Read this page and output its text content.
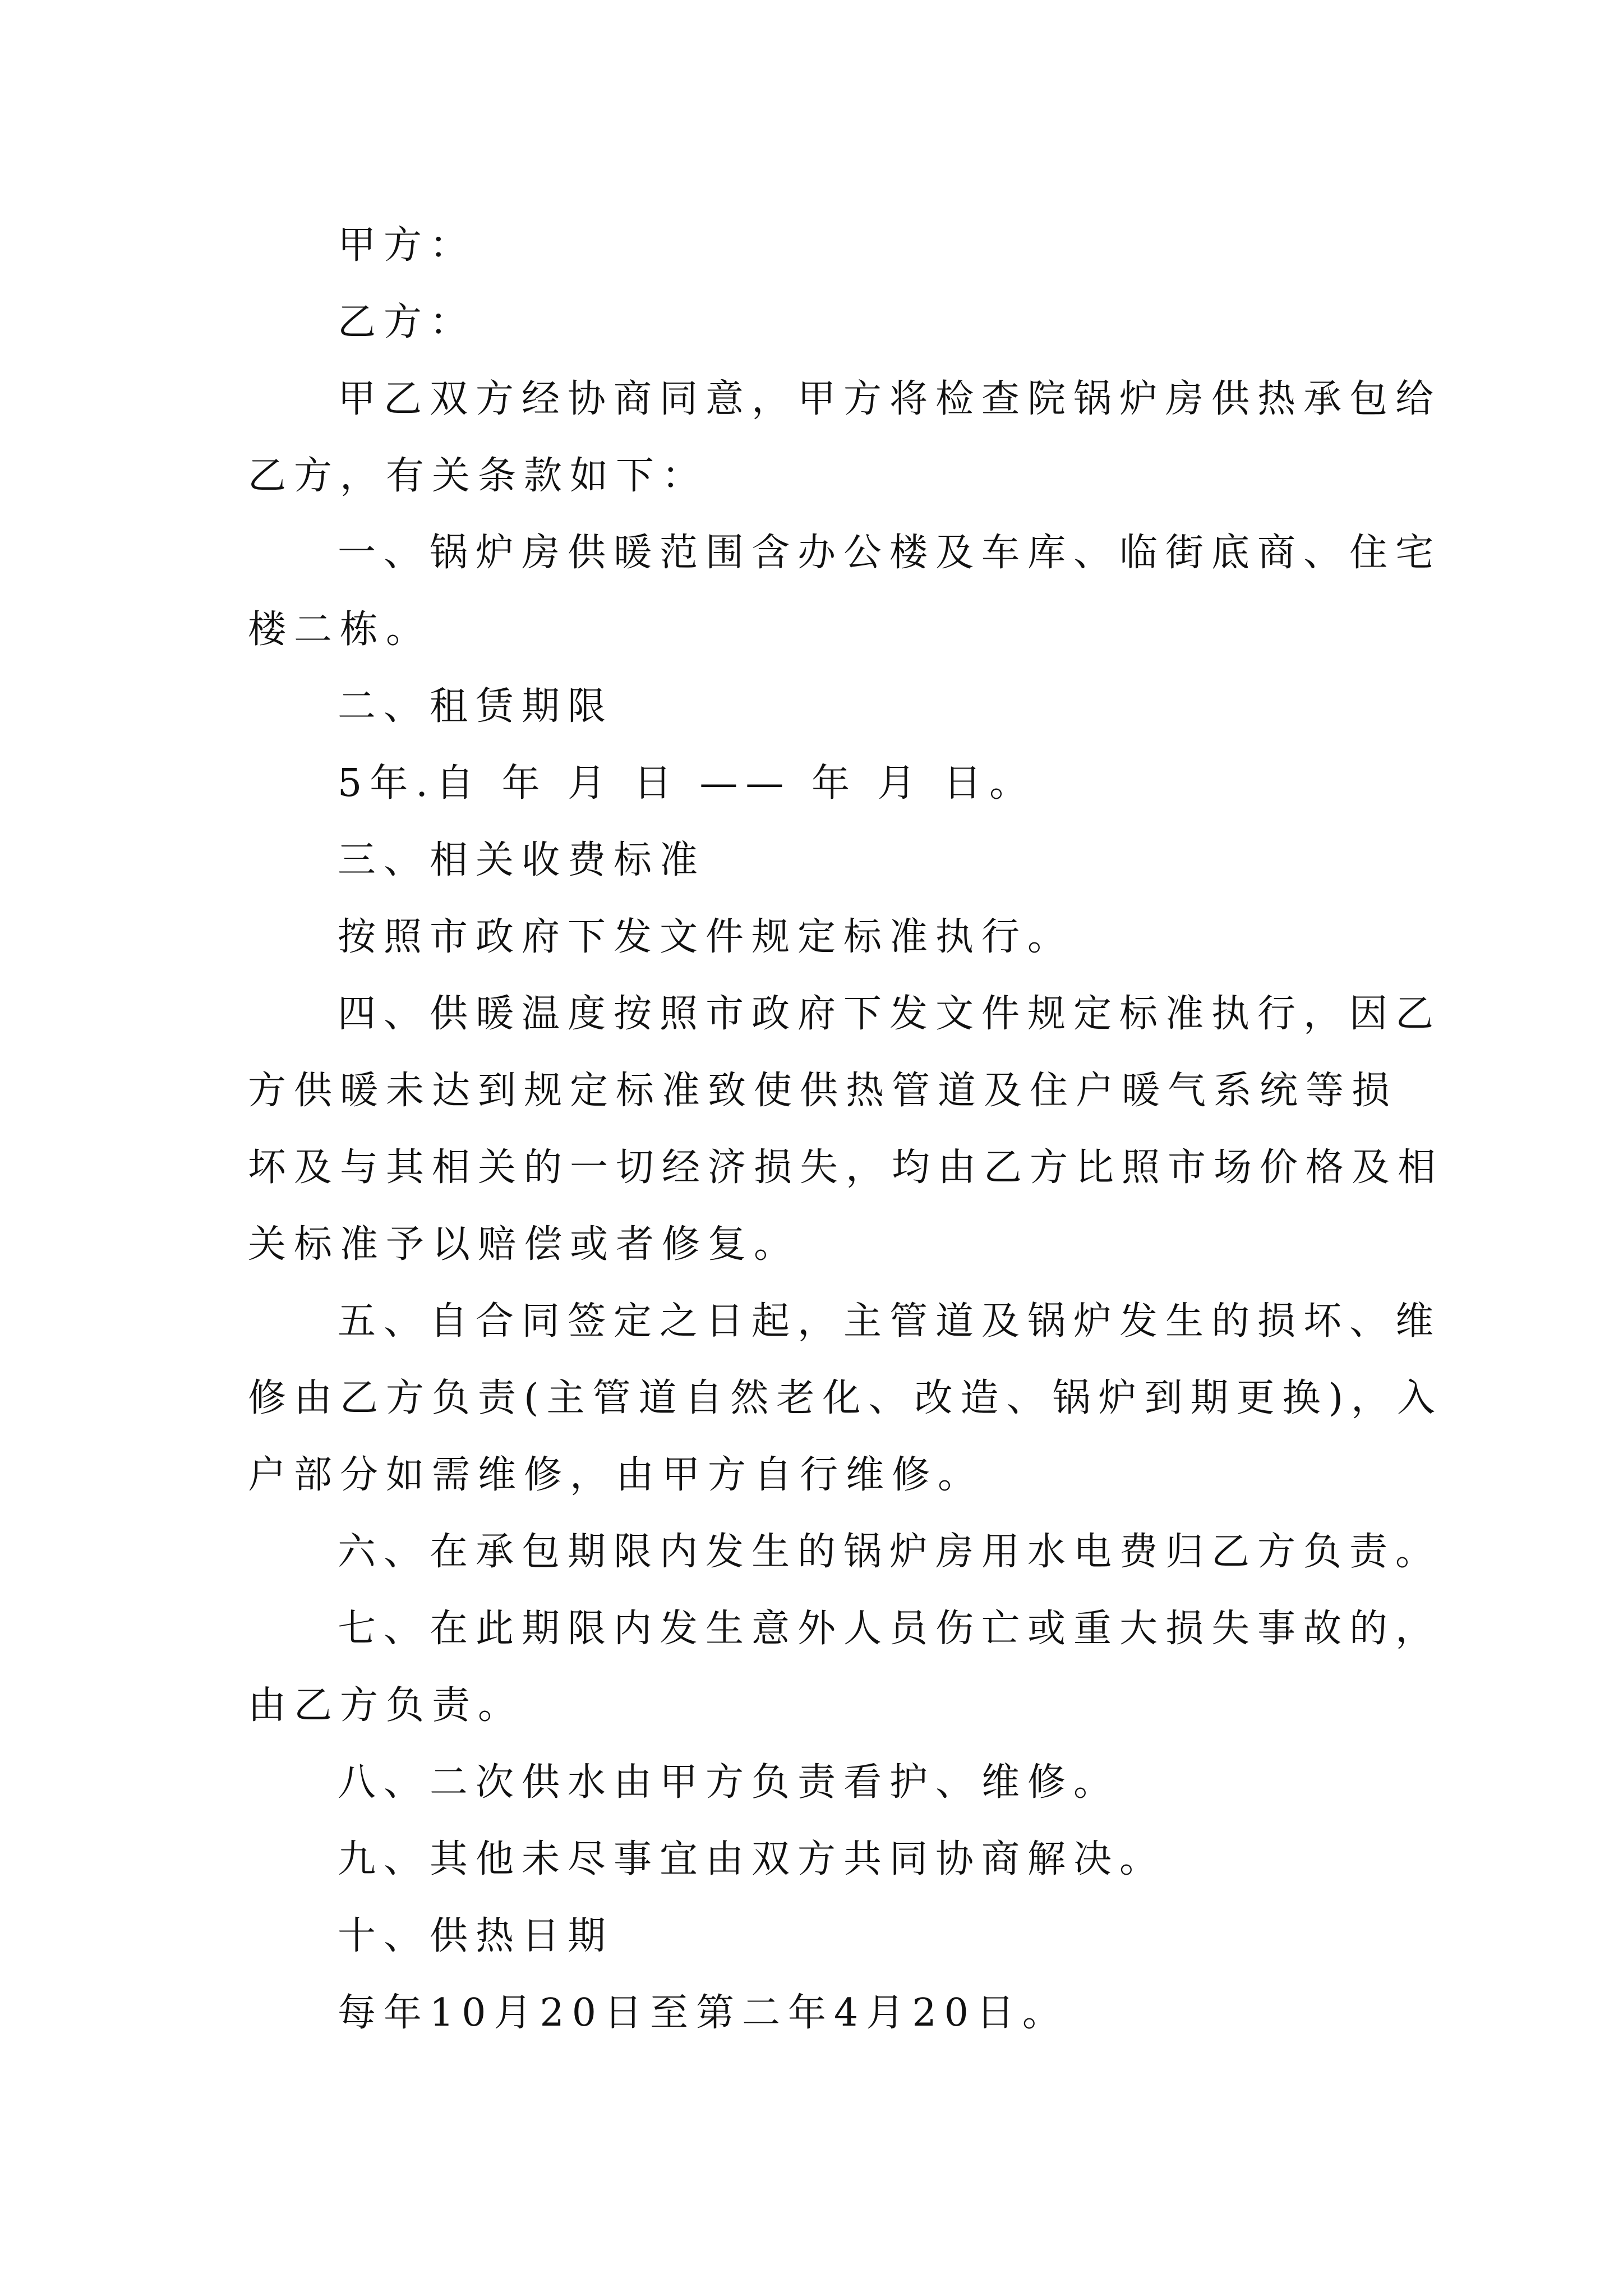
甲方：
乙方：
甲乙双方经协商同意，甲方将检查院锅炉房供热承包给
乙方，有关条款如下：
一、锅炉房供暖范围含办公楼及车库、临街底商、住宅
楼二栋。
二、租赁期限
5年.自 年 月 日 —— 年 月 日。
三、相关收费标准
按照市政府下发文件规定标准执行。
四、供暖温度按照市政府下发文件规定标准执行，因乙
方供暖未达到规定标准致使供热管道及住户暖气系统等损
坏及与其相关的一切经济损失，均由乙方比照市场价格及相
关标准予以赔偿或者修复。
五、自合同签定之日起，主管道及锅炉发生的损坏、维
修由乙方负责(主管道自然老化、改造、锅炉到期更换)，入
户部分如需维修，由甲方自行维修。
六、在承包期限内发生的锅炉房用水电费归乙方负责。
七、在此期限内发生意外人员伤亡或重大损失事故的，
由乙方负责。
八、二次供水由甲方负责看护、维修。
九、其他未尽事宜由双方共同协商解决。
十、供热日期
每年10月20日至第二年4月20日。
